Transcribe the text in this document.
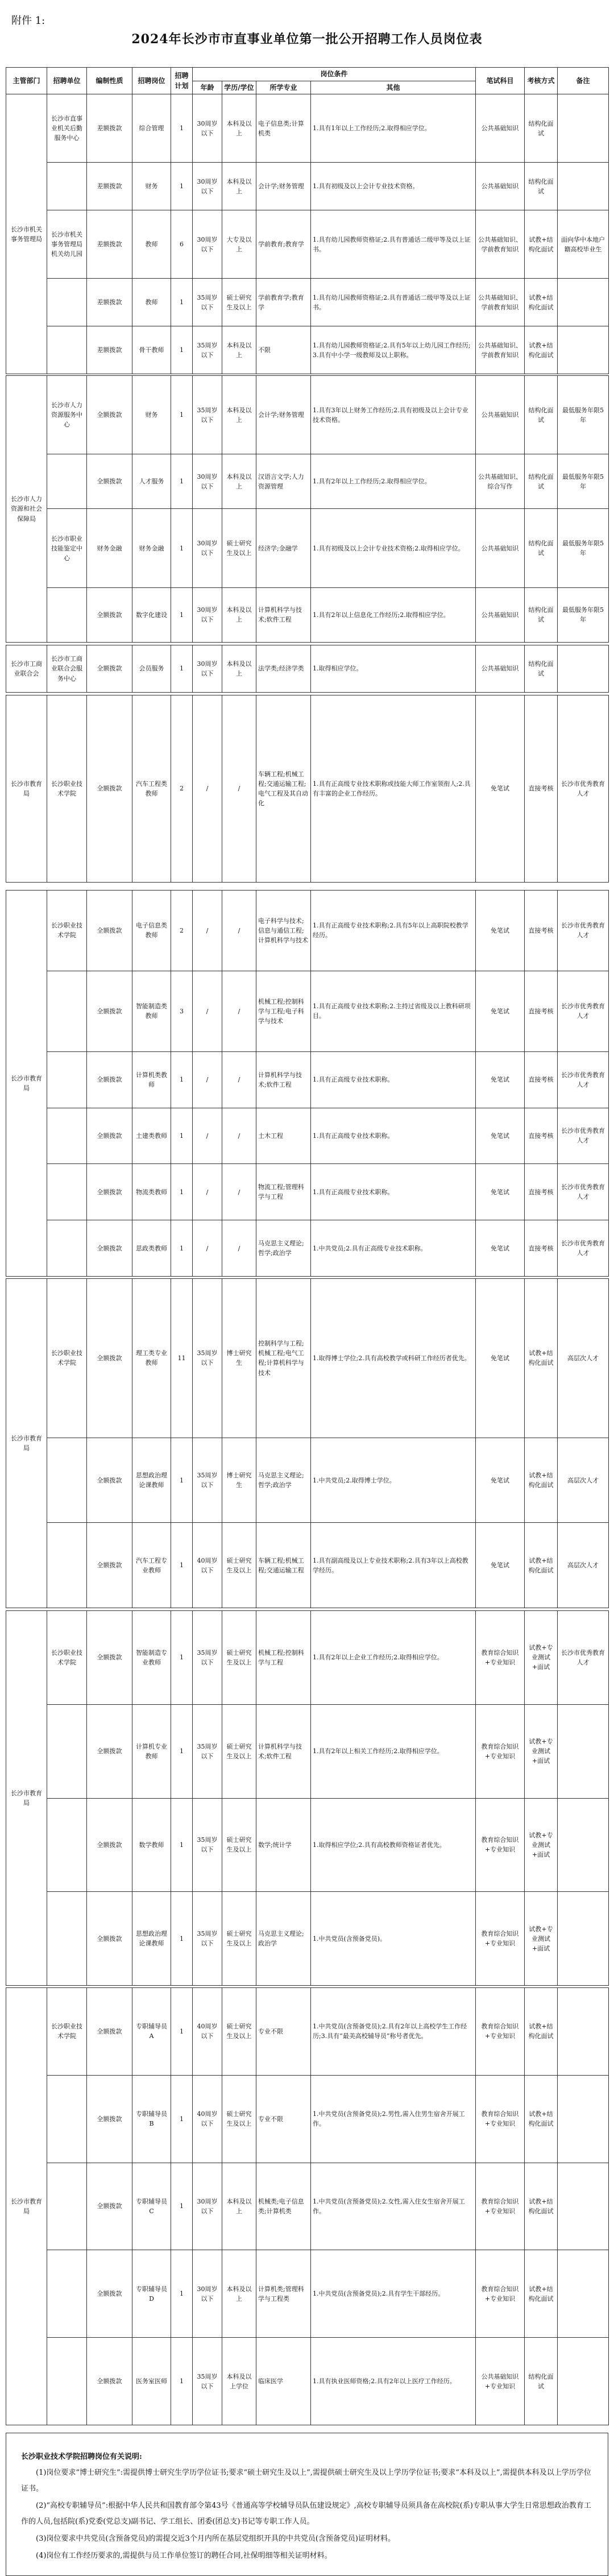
附件 1:
2024年长沙市市直事业单位第一批公开招聘工作人员岗位表
主管部门	招聘单位	编制性质	招聘岗位	招聘计划	岗位条件				笔试科目	考核方式	备注
					年龄	学历/学位	所学专业	其他			
长沙市机关事务管理局	长沙市直事业机关后勤服务中心	差额拨款	综合管理	1	30周岁以下	本科及以上	电子信息类;计算机类	1.具有1年以上工作经历;2.取得相应学位。	公共基础知识	结构化面试	
		差额拨款	财务	1	30周岁以下	本科及以上	会计学;财务管理	1.具有初级及以上会计专业技术资格。	公共基础知识	结构化面试	
	长沙市机关事务管理局机关幼儿园	差额拨款	教师	6	30周岁以下	大专及以上	学前教育;教育学	1.具有幼儿园教师资格证;2.具有普通话二级甲等及以上证书。	公共基础知识、学前教育知识	试教+结构化面试	面向华中本地户籍高校毕业生
		差额拨款	教师	1	35周岁以下	硕士研究生及以上	学前教育学;教育学	1.具有幼儿园教师资格证;2.具有普通话二级甲等及以上证书。	公共基础知识、学前教育知识	试教+结构化面试	
		差额拨款	骨干教师	1	35周岁以下	本科及以上	不限	1.具有幼儿园教师资格证;2.具有5年以上幼儿园工作经历;3.具有中小学一级教师及以上职称。	公共基础知识、学前教育知识	试教+结构化面试	
长沙市人力资源和社会保障局	长沙市人力资源服务中心	全额拨款	财务	1	35周岁以下	本科及以上	会计学;财务管理	1.具有3年以上财务工作经历;2.具有初级及以上会计专业技术资格。	公共基础知识	结构化面试	最低服务年限5年
		全额拨款	人才服务	1	30周岁以下	本科及以上	汉语言文学;人力资源管理	1.具有2年以上工作经历;2.取得相应学位。	公共基础知识、综合写作	结构化面试	最低服务年限5年
	长沙市职业技能鉴定中心	财务金融	财务金融	1	30周岁以下	硕士研究生及以上	经济学;金融学	1.具有初级及以上会计专业技术资格;2.取得相应学位。	公共基础知识	结构化面试	最低服务年限5年
		全额拨款	数字化建设	1	30周岁以下	本科及以上	计算机科学与技术;软件工程	1.具有2年以上信息化工作经历;2.取得相应学位。	公共基础知识	结构化面试	最低服务年限5年
长沙市工商业联合会	长沙市工商业联合会服务中心	全额拨款	会员服务	1	30周岁以下	本科及以上	法学类;经济学类	1.取得相应学位。	公共基础知识	结构化面试	
长沙市教育局	长沙职业技术学院	全额拨款	汽车工程类教师	2	/	/	车辆工程;机械工程;交通运输工程;电气工程及其自动化	1.具有正高级专业技术职称或技能大师工作室领衔人;2.具有丰富的企业工作经历。	免笔试	直接考核	长沙市优秀教育人才
长沙市教育局	长沙职业技术学院	全额拨款	电子信息类教师	2	/	/	电子科学与技术;信息与通信工程;计算机科学与技术	1.具有正高级专业技术职称;2.具有5年以上高职院校教学经历。	免笔试	直接考核	长沙市优秀教育人才
		全额拨款	智能制造类教师	3	/	/	机械工程;控制科学与工程;电子科学与技术	1.具有正高级专业技术职称;2.主持过省级及以上教科研项目。	免笔试	直接考核	长沙市优秀教育人才
		全额拨款	计算机类教师	1	/	/	计算机科学与技术;软件工程	1.具有正高级专业技术职称。	免笔试	直接考核	长沙市优秀教育人才
		全额拨款	土建类教师	1	/	/	土木工程	1.具有正高级专业技术职称。	免笔试	直接考核	长沙市优秀教育人才
		全额拨款	物流类教师	1	/	/	物流工程;管理科学与工程	1.具有正高级专业技术职称。	免笔试	直接考核	长沙市优秀教育人才
		全额拨款	思政类教师	1	/	/	马克思主义理论;哲学;政治学	1.中共党员;2.具有正高级专业技术职称。	免笔试	直接考核	长沙市优秀教育人才
长沙市教育局	长沙职业技术学院	全额拨款	理工类专业教师	11	35周岁以下	博士研究生	控制科学与工程;机械工程;电气工程;计算机科学与技术	1.取得博士学位;2.具有高校教学或科研工作经历者优先。	免笔试	试教+结构化面试	高层次人才
		全额拨款	思想政治理论课教师	1	35周岁以下	博士研究生	马克思主义理论;哲学;政治学	1.中共党员;2.取得博士学位。	免笔试	试教+结构化面试	高层次人才
		全额拨款	汽车工程专业教师	1	40周岁以下	硕士研究生及以上	车辆工程;机械工程;交通运输工程	1.具有副高级及以上专业技术职称;2.具有3年以上高校教学经历。	免笔试	试教+结构化面试	高层次人才
长沙市教育局	长沙职业技术学院	全额拨款	智能制造专业教师	1	35周岁以下	硕士研究生及以上	机械工程;控制科学与工程	1.具有2年以上企业工作经历;2.取得相应学位。	教育综合知识+专业知识	试教+专业测试+面试	长沙市优秀教育人才
		全额拨款	计算机专业教师	1	35周岁以下	硕士研究生及以上	计算机科学与技术;软件工程	1.具有2年以上相关工作经历;2.取得相应学位。	教育综合知识+专业知识	试教+专业测试+面试	
		全额拨款	数学教师	1	35周岁以下	硕士研究生及以上	数学;统计学	1.取得相应学位;2.具有高校教师资格证者优先。	教育综合知识+专业知识	试教+专业测试+面试	
		全额拨款	思想政治理论课教师	1	35周岁以下	硕士研究生及以上	马克思主义理论;政治学	1.中共党员(含预备党员)。	教育综合知识+专业知识	试教+专业测试+面试	
长沙市教育局	长沙职业技术学院	全额拨款	专职辅导员A	1	40周岁以下	硕士研究生及以上	专业不限	1.中共党员(含预备党员);2.具有2年以上高校学生工作经历;3.具有“最美高校辅导员”称号者优先。	教育综合知识+专业知识	试教+结构化面试	
		全额拨款	专职辅导员B	1	40周岁以下	硕士研究生及以上	专业不限	1.中共党员(含预备党员);2.男性,需入住男生宿舍开展工作。	教育综合知识+专业知识	试教+结构化面试	
		全额拨款	专职辅导员C	1	30周岁以下	本科及以上	机械类;电子信息类;计算机类	1.中共党员(含预备党员);2.女性,需入住女生宿舍开展工作。	教育综合知识+专业知识	试教+结构化面试	
		全额拨款	专职辅导员D	1	30周岁以下	本科及以上	计算机类;管理科学与工程类	1.中共党员(含预备党员);2.具有学生干部经历。	教育综合知识+专业知识	试教+结构化面试	
		全额拨款	医务室医师	1	35周岁以下	本科及以上学位	临床医学	1.具有执业医师资格;2.具有2年以上医疗工作经历。	公共基础知识+专业知识	结构化面试	
长沙职业技术学院招聘岗位有关说明:

(1)岗位要求“博士研究生”:需提供博士研究生学历学位证书;要求“硕士研究生及以上”,需提供硕士研究生及以上学历学位证书;要求“本科及以上”,需提供本科及以上学历学位证书。

(2)“高校专职辅导员”:根据中华人民共和国教育部令第43号《普通高等学校辅导员队伍建设规定》,高校专职辅导员须具备在高校院(系)专职从事大学生日常思想政治教育工作的人员,包括院(系)党委(党总支)副书记、学工组长、团委(团总支)书记等专职工作人员。

(3)岗位要求中共党员(含预备党员)的需提交近3个月内所在基层党组织开具的中共党员(含预备党员)证明材料。

(4)岗位有工作经历要求的,需提供与员工作单位签订的聘任合同,社保明细等相关证明材料。
